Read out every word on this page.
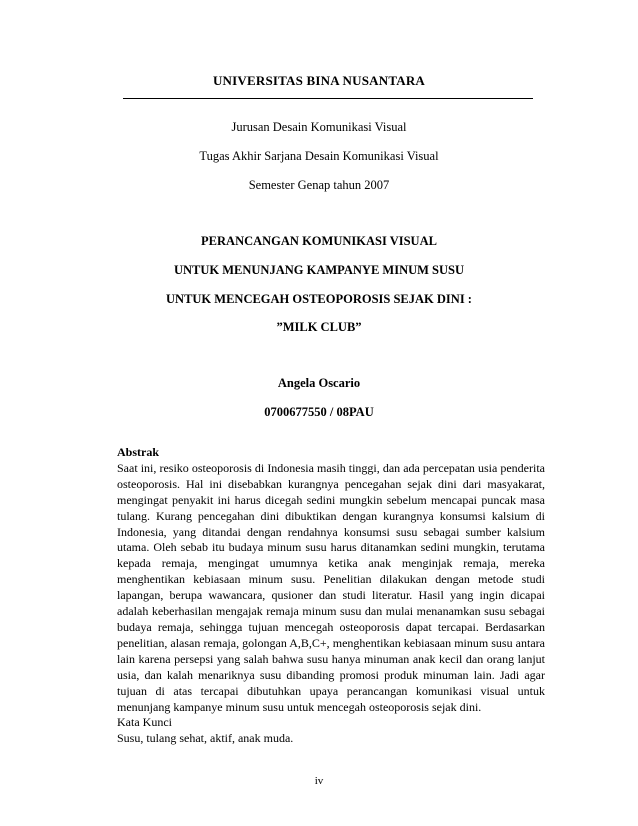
UNIVERSITAS BINA NUSANTARA
Jurusan Desain Komunikasi Visual
Tugas Akhir Sarjana Desain Komunikasi Visual
Semester Genap tahun 2007
PERANCANGAN KOMUNIKASI VISUAL
UNTUK MENUNJANG KAMPANYE MINUM SUSU
UNTUK MENCEGAH OSTEOPOROSIS SEJAK DINI :
”MILK CLUB”
Angela Oscario
0700677550 / 08PAU

Abstrak

Saat ini, resiko osteoporosis di Indonesia masih tinggi, dan ada percepatan usia penderita osteoporosis. Hal ini disebabkan kurangnya pencegahan sejak dini dari masyakarat, mengingat penyakit ini harus dicegah sedini mungkin sebelum mencapai puncak masa tulang. Kurang pencegahan dini dibuktikan dengan kurangnya konsumsi kalsium di Indonesia, yang ditandai dengan rendahnya konsumsi susu sebagai sumber kalsium utama. Oleh sebab itu budaya minum susu harus ditanamkan sedini mungkin, terutama kepada remaja, mengingat umumnya ketika anak menginjak remaja, mereka menghentikan kebiasaan minum susu. Penelitian dilakukan dengan metode studi lapangan, berupa wawancara, qusioner dan studi literatur. Hasil yang ingin dicapai adalah keberhasilan mengajak remaja minum susu dan mulai menanamkan susu sebagai budaya remaja, sehingga tujuan mencegah osteoporosis dapat tercapai. Berdasarkan penelitian, alasan remaja, golongan A,B,C+, menghentikan kebiasaan minum susu antara lain karena persepsi yang salah bahwa susu hanya minuman anak kecil dan orang lanjut usia, dan kalah menariknya susu dibanding promosi produk minuman lain. Jadi agar tujuan di atas tercapai dibutuhkan upaya perancangan komunikasi visual untuk menunjang kampanye minum susu untuk mencegah osteoporosis sejak dini.

Kata Kunci

Susu, tulang sehat, aktif, anak muda.

iv
